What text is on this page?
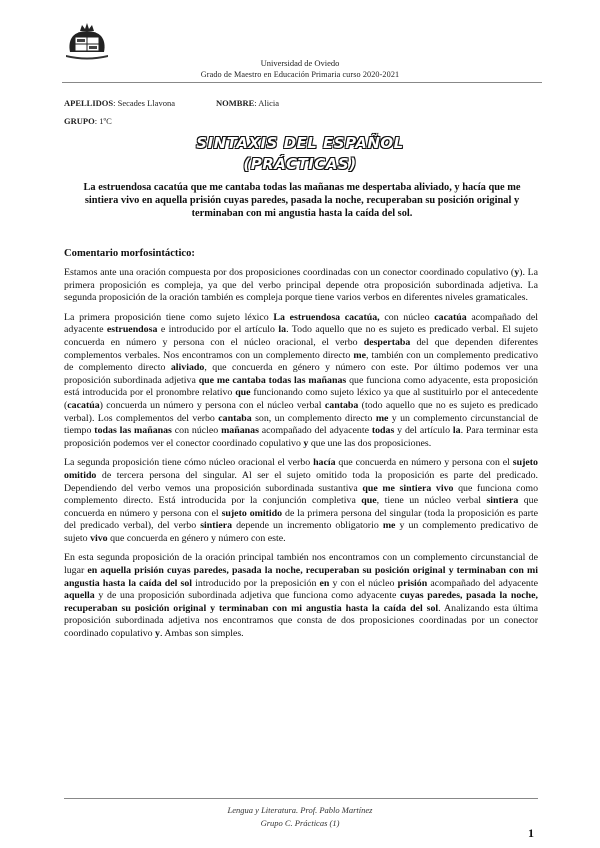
Universidad de Oviedo
Grado de Maestro en Educación Primaria curso 2020-2021
APELLIDOS: Secades Llavona	NOMBRE: Alicia
GRUPO: 1ºC
SINTAXIS DEL ESPAÑOL
(PRÁCTICAS)
La estruendosa cacatúa que me cantaba todas las mañanas me despertaba aliviado, y hacía que me sintiera vivo en aquella prisión cuyas paredes, pasada la noche, recuperaban su posición original y terminaban con mi angustia hasta la caída del sol.
Comentario morfosintáctico:

Estamos ante una oración compuesta por dos proposiciones coordinadas con un conector coordinado copulativo (y). La primera proposición es compleja, ya que del verbo principal depende otra proposición subordinada adjetiva. La segunda proposición de la oración también es compleja porque tiene varios verbos en diferentes niveles gramaticales.

La primera proposición tiene como sujeto léxico La estruendosa cacatúa, con núcleo cacatúa acompañado del adyacente estruendosa e introducido por el artículo la. Todo aquello que no es sujeto es predicado verbal. El sujeto concuerda en número y persona con el núcleo oracional, el verbo despertaba del que dependen diferentes complementos verbales. Nos encontramos con un complemento directo me, también con un complemento predicativo de complemento directo aliviado, que concuerda en género y número con este. Por último podemos ver una proposición subordinada adjetiva que me cantaba todas las mañanas que funciona como adyacente, esta proposición está introducida por el pronombre relativo que funcionando como sujeto léxico ya que al sustituirlo por el antecedente (cacatúa) concuerda un número y persona con el núcleo verbal cantaba (todo aquello que no es sujeto es predicado verbal). Los complementos del verbo cantaba son, un complemento directo me y un complemento circunstancial de tiempo todas las mañanas con núcleo mañanas acompañado del adyacente todas y del artículo la. Para terminar esta proposición podemos ver el conector coordinado copulativo y que une las dos proposiciones.

La segunda proposición tiene cómo núcleo oracional el verbo hacía que concuerda en número y persona con el sujeto omitido de tercera persona del singular. Al ser el sujeto omitido toda la proposición es parte del predicado. Dependiendo del verbo vemos una proposición subordinada sustantiva que me sintiera vivo que funciona como complemento directo. Está introducida por la conjunción completiva que, tiene un núcleo verbal sintiera que concuerda en número y persona con el sujeto omitido de la primera persona del singular (toda la proposición es parte del predicado verbal), del verbo sintiera depende un incremento obligatorio me y un complemento predicativo de sujeto vivo que concuerda en género y número con este.

En esta segunda proposición de la oración principal también nos encontramos con un complemento circunstancial de lugar en aquella prisión cuyas paredes, pasada la noche, recuperaban su posición original y terminaban con mi angustia hasta la caída del sol introducido por la preposición en y con el núcleo prisión acompañado del adyacente aquella y de una proposición subordinada adjetiva que funciona como adyacente cuyas paredes, pasada la noche, recuperaban su posición original y terminaban con mi angustia hasta la caída del sol. Analizando esta última proposición subordinada adjetiva nos encontramos que consta de dos proposiciones coordinadas por un conector coordinado copulativo y. Ambas son simples.

Lengua y Literatura. Prof. Pablo Martínez
Grupo C. Prácticas (1)
1
